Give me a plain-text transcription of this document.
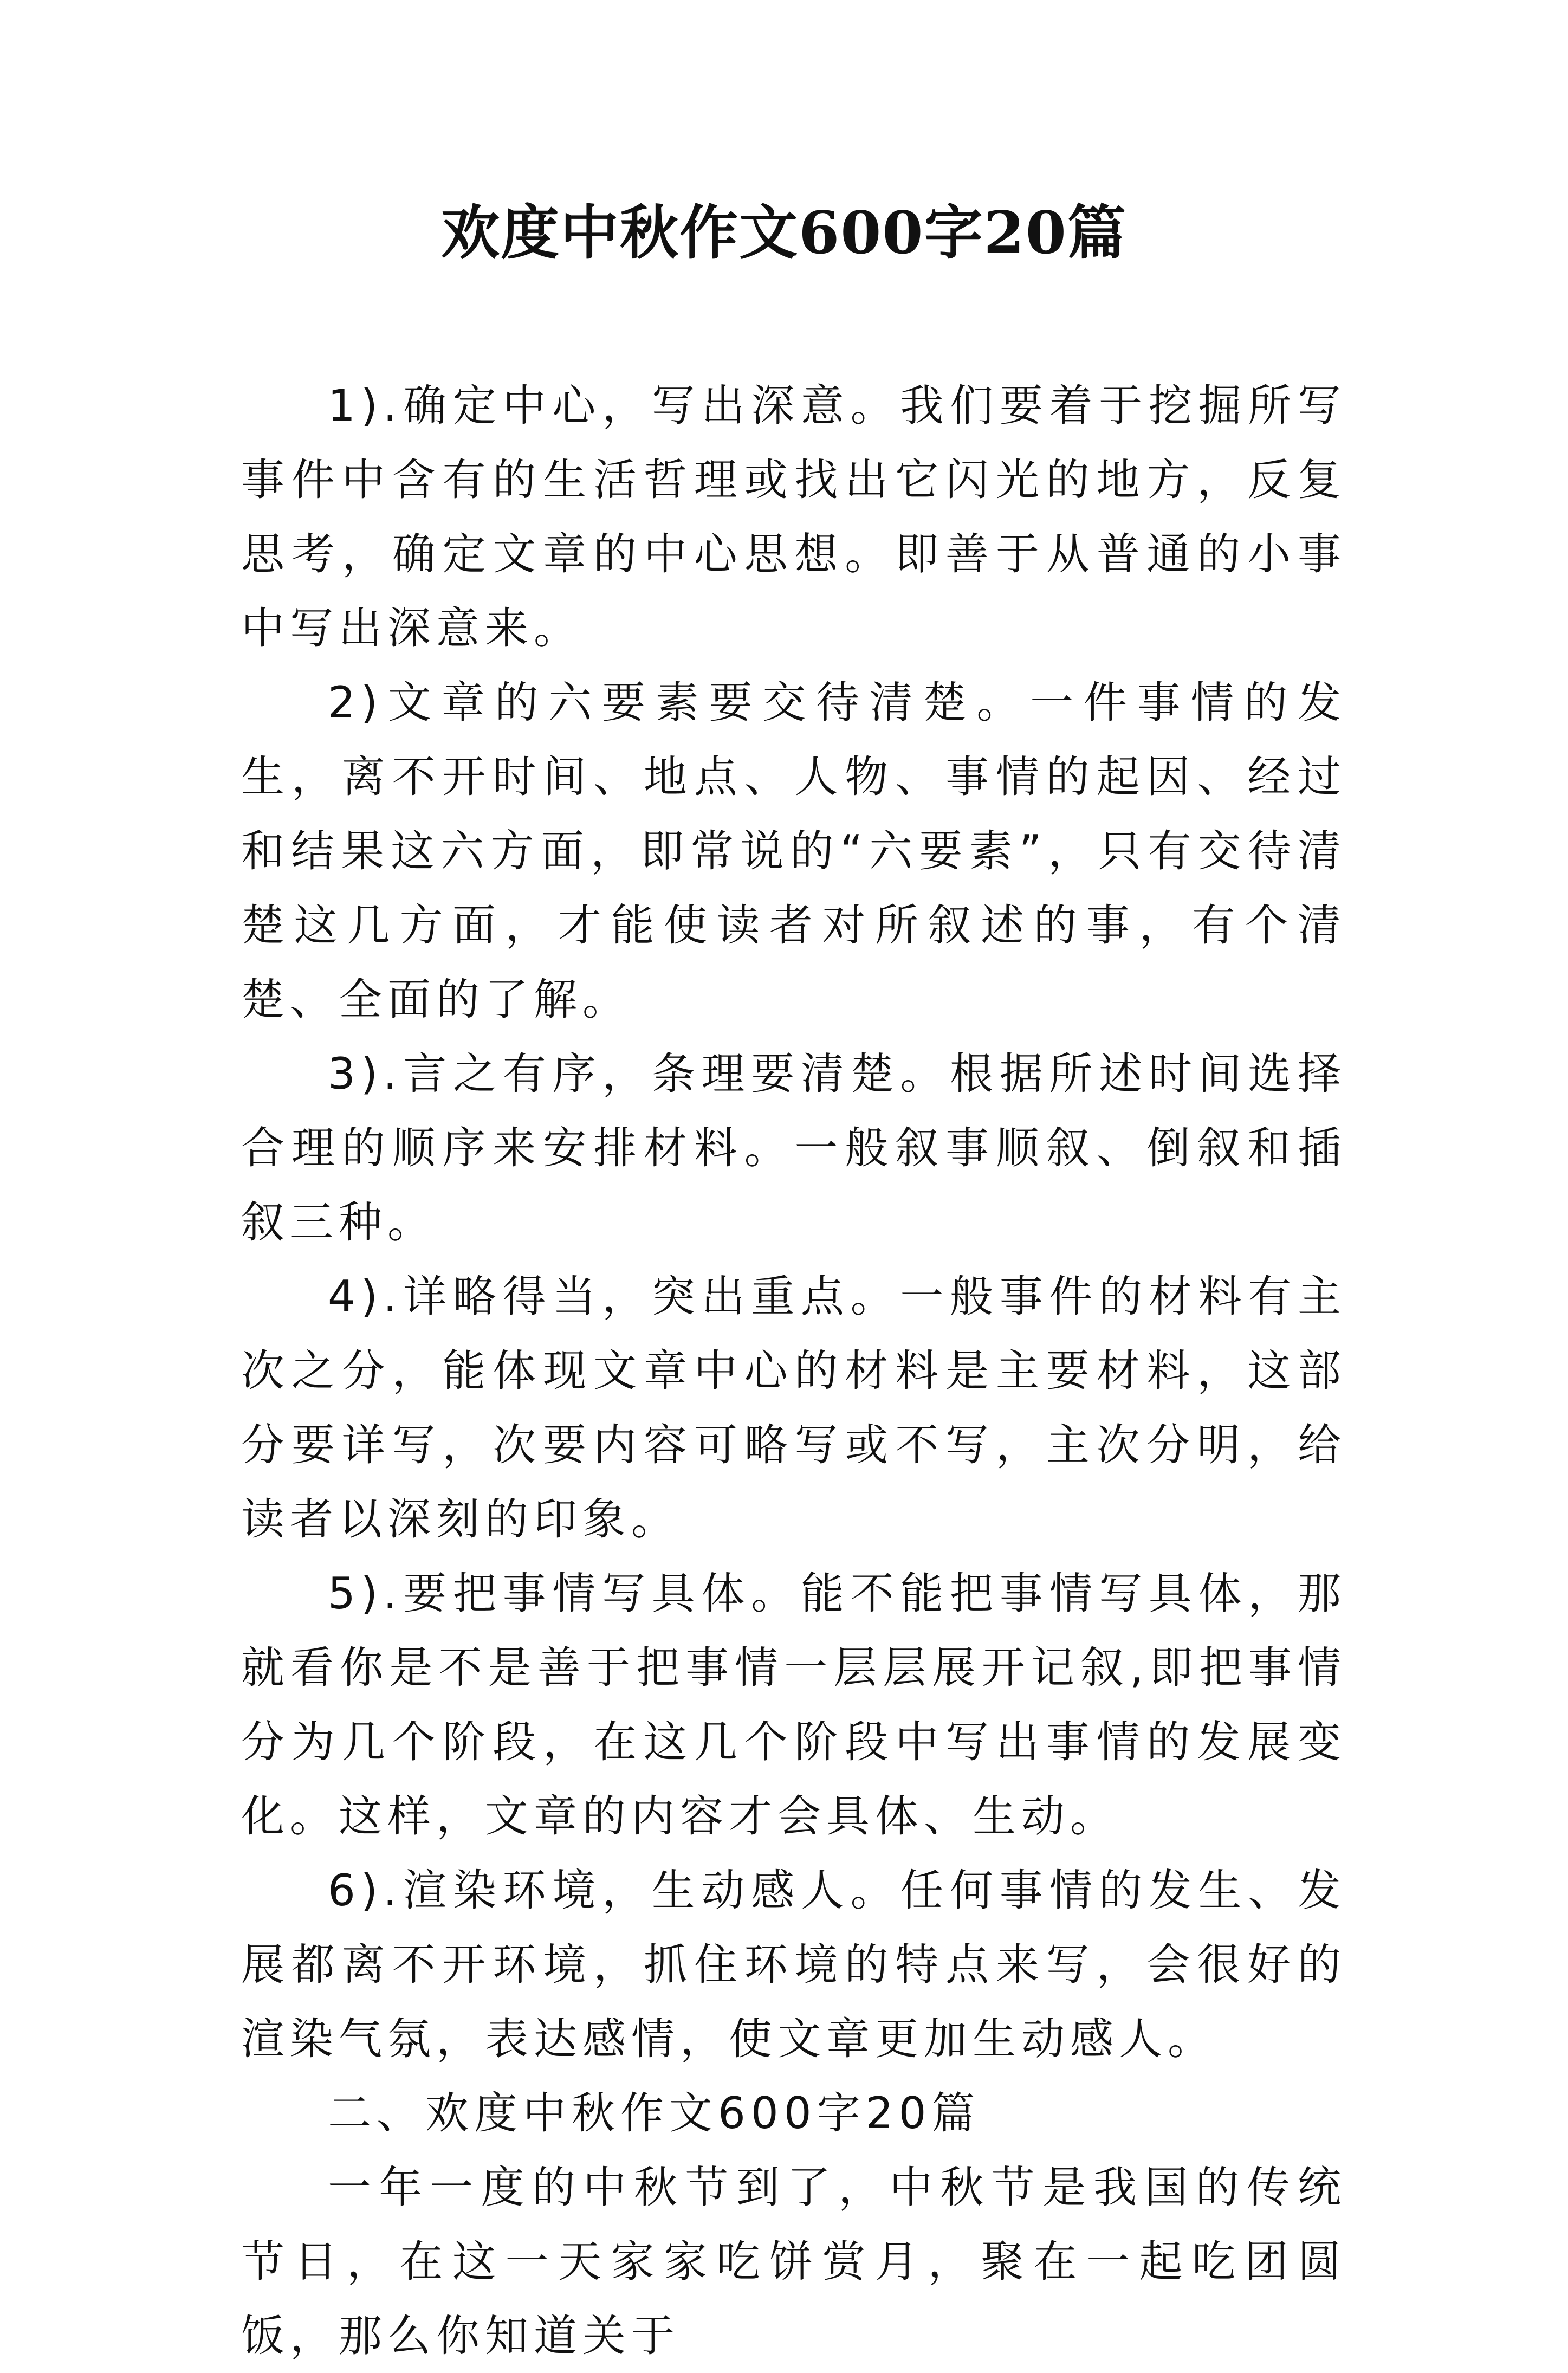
欢度中秋作文600字20篇

1).确定中心，写出深意。我们要着于挖掘所写事件中含有的生活哲理或找出它闪光的地方，反复思考，确定文章的中心思想。即善于从普通的小事中写出深意来。

2)文章的六要素要交待清楚。一件事情的发生，离不开时间、地点、人物、事情的起因、经过和结果这六方面，即常说的“六要素”，只有交待清楚这几方面，才能使读者对所叙述的事，有个清楚、全面的了解。

3).言之有序，条理要清楚。根据所述时间选择合理的顺序来安排材料。一般叙事顺叙、倒叙和插叙三种。

4).详略得当，突出重点。一般事件的材料有主次之分，能体现文章中心的材料是主要材料，这部分要详写，次要内容可略写或不写，主次分明，给读者以深刻的印象。

5).要把事情写具体。能不能把事情写具体，那就看你是不是善于把事情一层层展开记叙,即把事情分为几个阶段，在这几个阶段中写出事情的发展变化。这样，文章的内容才会具体、生动。

6).渲染环境，生动感人。任何事情的发生、发展都离不开环境，抓住环境的特点来写，会很好的渲染气氛，表达感情，使文章更加生动感人。

二、欢度中秋作文600字20篇

一年一度的中秋节到了，中秋节是我国的传统节日，在这一天家家吃饼赏月，聚在一起吃团圆饭，那么你知道关于
